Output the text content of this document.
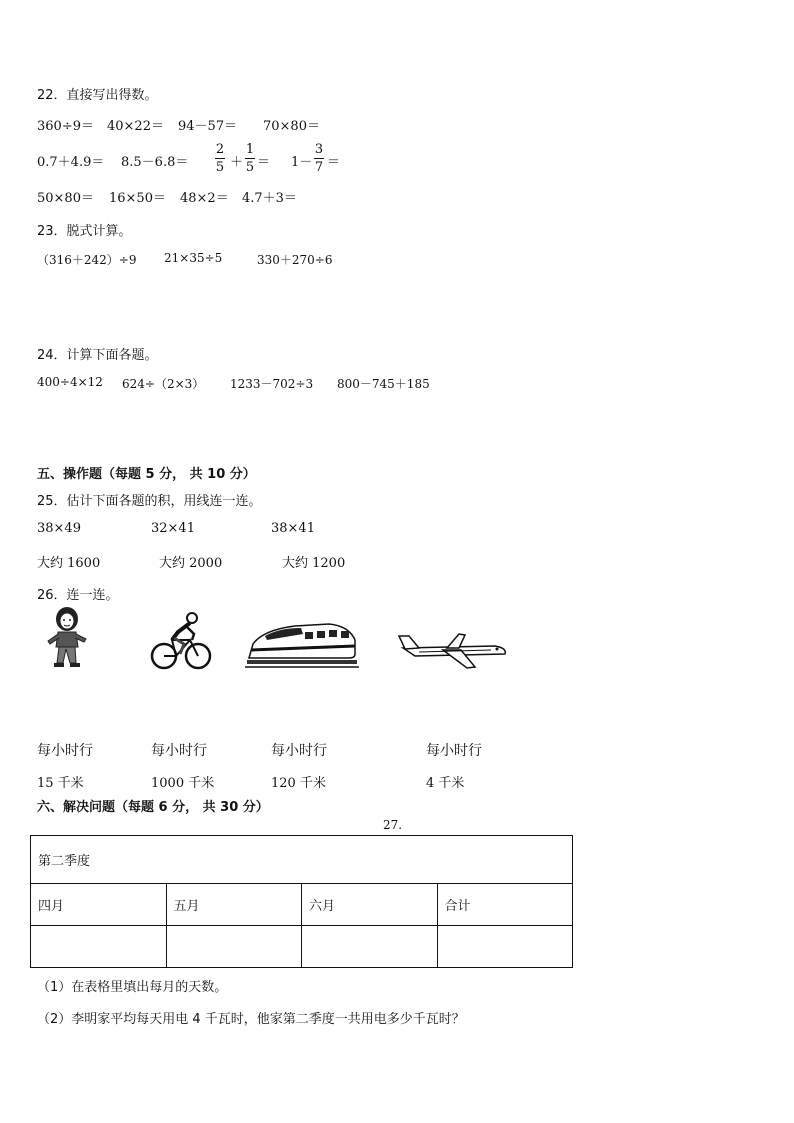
22．直接写出得数。
360÷9＝ 40×22＝ 94－57＝ 70×80＝
0.7＋4.9＝ 8.5－6.8＝
2
5 ＋
1
5 ＝ 1－
3
7 ＝
50×80＝ 16×50＝ 48×2＝ 4.7＋3＝
23．脱式计算。
（316＋242）÷9 21×35÷5	330＋270÷6
24．计算下面各题。
400÷4×12 624÷（2×3） 1233－702÷3 800－745＋185
五、操作题（每题 5 分， 共 10 分）
25．估计下面各题的积，用线连一连。
38×49	32×41	38×41
大约 1600	大约 2000	大约 1200
26．连一连。
每小时行	每小时行	每小时行	每小时行
15 千米	1000 千米	120 千米	4 千米
六、解决问题（每题 6 分， 共 30 分）
27.
第二季度			
四月	五月	六月	合计

（1）在表格里填出每月的天数。
（2）李明家平均每天用电 4 千瓦时，他家第二季度一共用电多少千瓦时？
